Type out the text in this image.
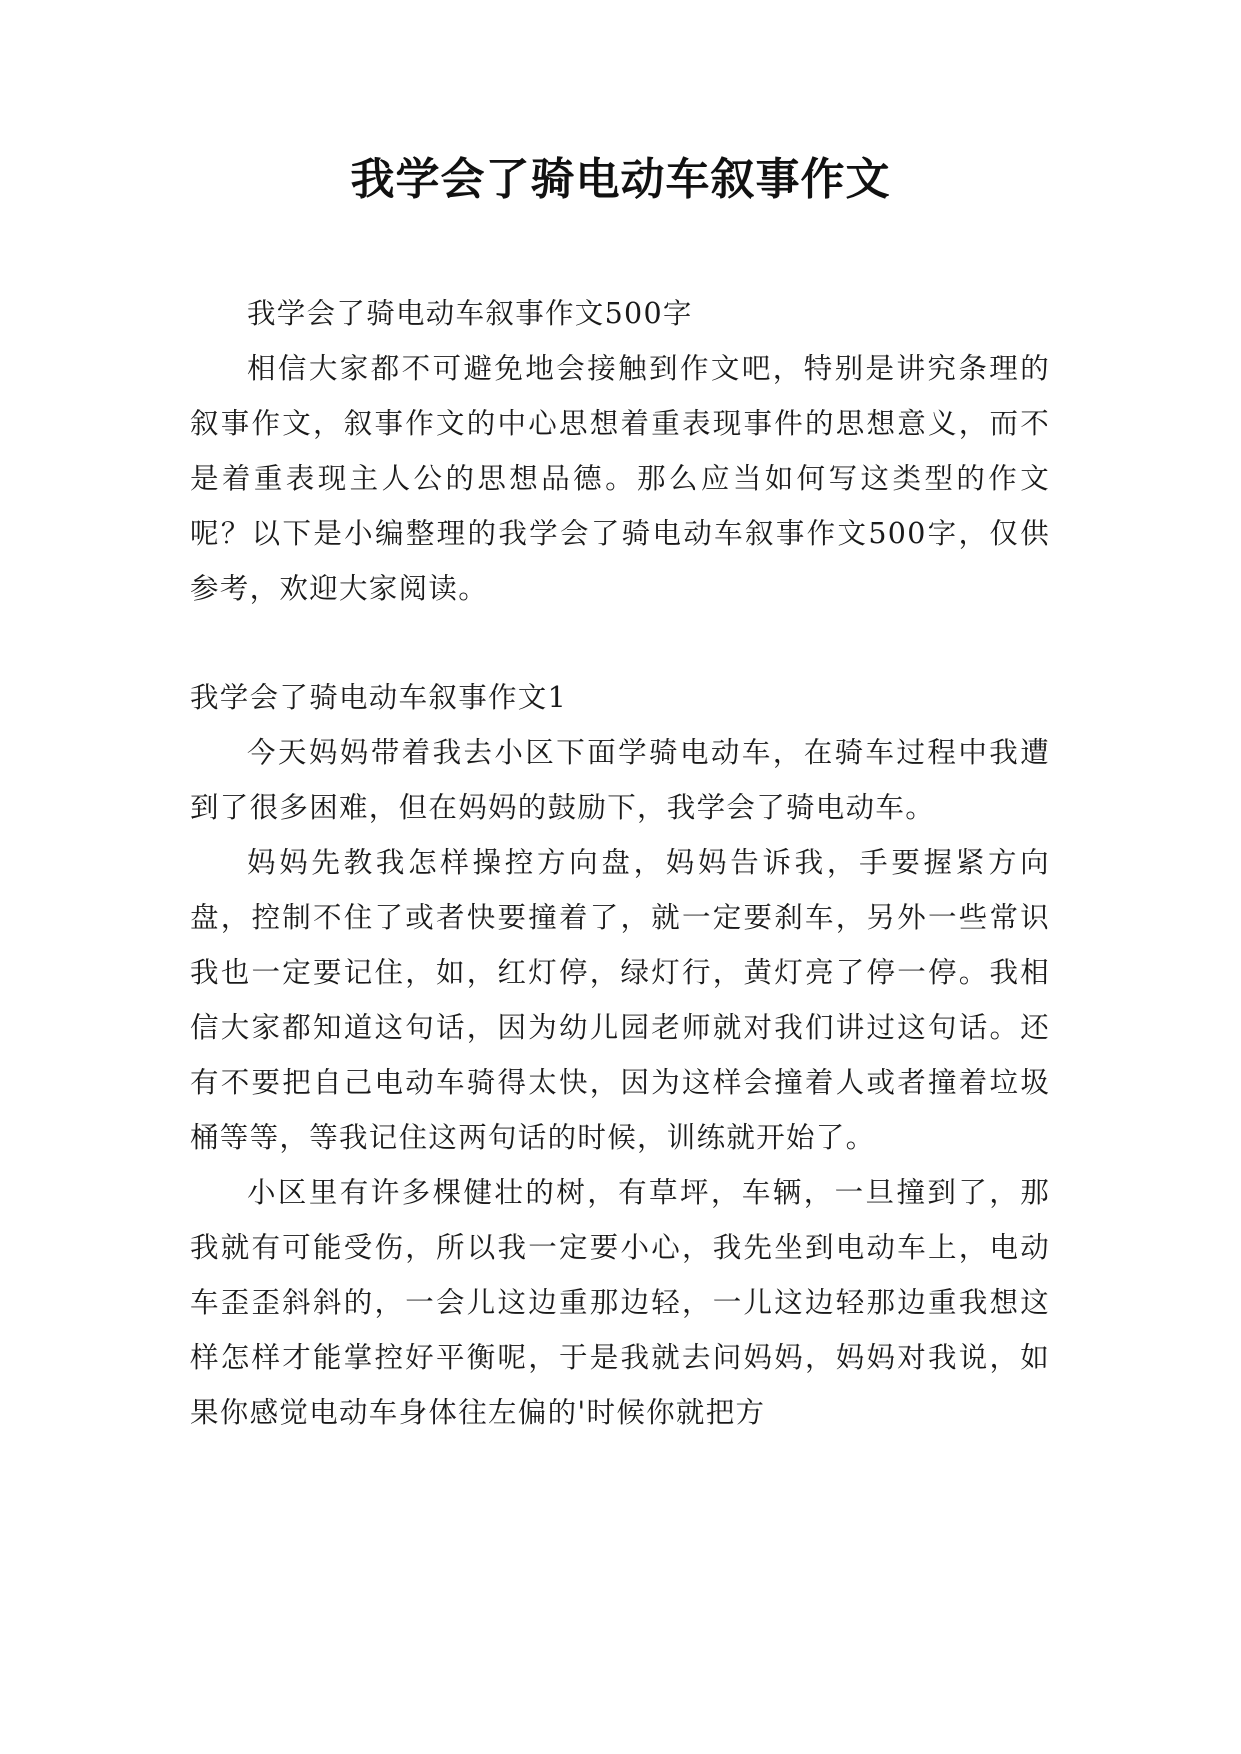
我学会了骑电动车叙事作文

我学会了骑电动车叙事作文500字

相信大家都不可避免地会接触到作文吧，特别是讲究条理的叙事作文，叙事作文的中心思想着重表现事件的思想意义，而不是着重表现主人公的思想品德。那么应当如何写这类型的作文呢？以下是小编整理的我学会了骑电动车叙事作文500字，仅供参考，欢迎大家阅读。

我学会了骑电动车叙事作文1

今天妈妈带着我去小区下面学骑电动车，在骑车过程中我遭到了很多困难，但在妈妈的鼓励下，我学会了骑电动车。

妈妈先教我怎样操控方向盘，妈妈告诉我，手要握紧方向盘，控制不住了或者快要撞着了，就一定要刹车，另外一些常识我也一定要记住，如，红灯停，绿灯行，黄灯亮了停一停。我相信大家都知道这句话，因为幼儿园老师就对我们讲过这句话。还有不要把自己电动车骑得太快，因为这样会撞着人或者撞着垃圾桶等等，等我记住这两句话的时候，训练就开始了。

小区里有许多棵健壮的树，有草坪，车辆，一旦撞到了，那我就有可能受伤，所以我一定要小心，我先坐到电动车上，电动车歪歪斜斜的，一会儿这边重那边轻，一儿这边轻那边重我想这样怎样才能掌控好平衡呢，于是我就去问妈妈，妈妈对我说，如果你感觉电动车身体往左偏的'时候你就把方
